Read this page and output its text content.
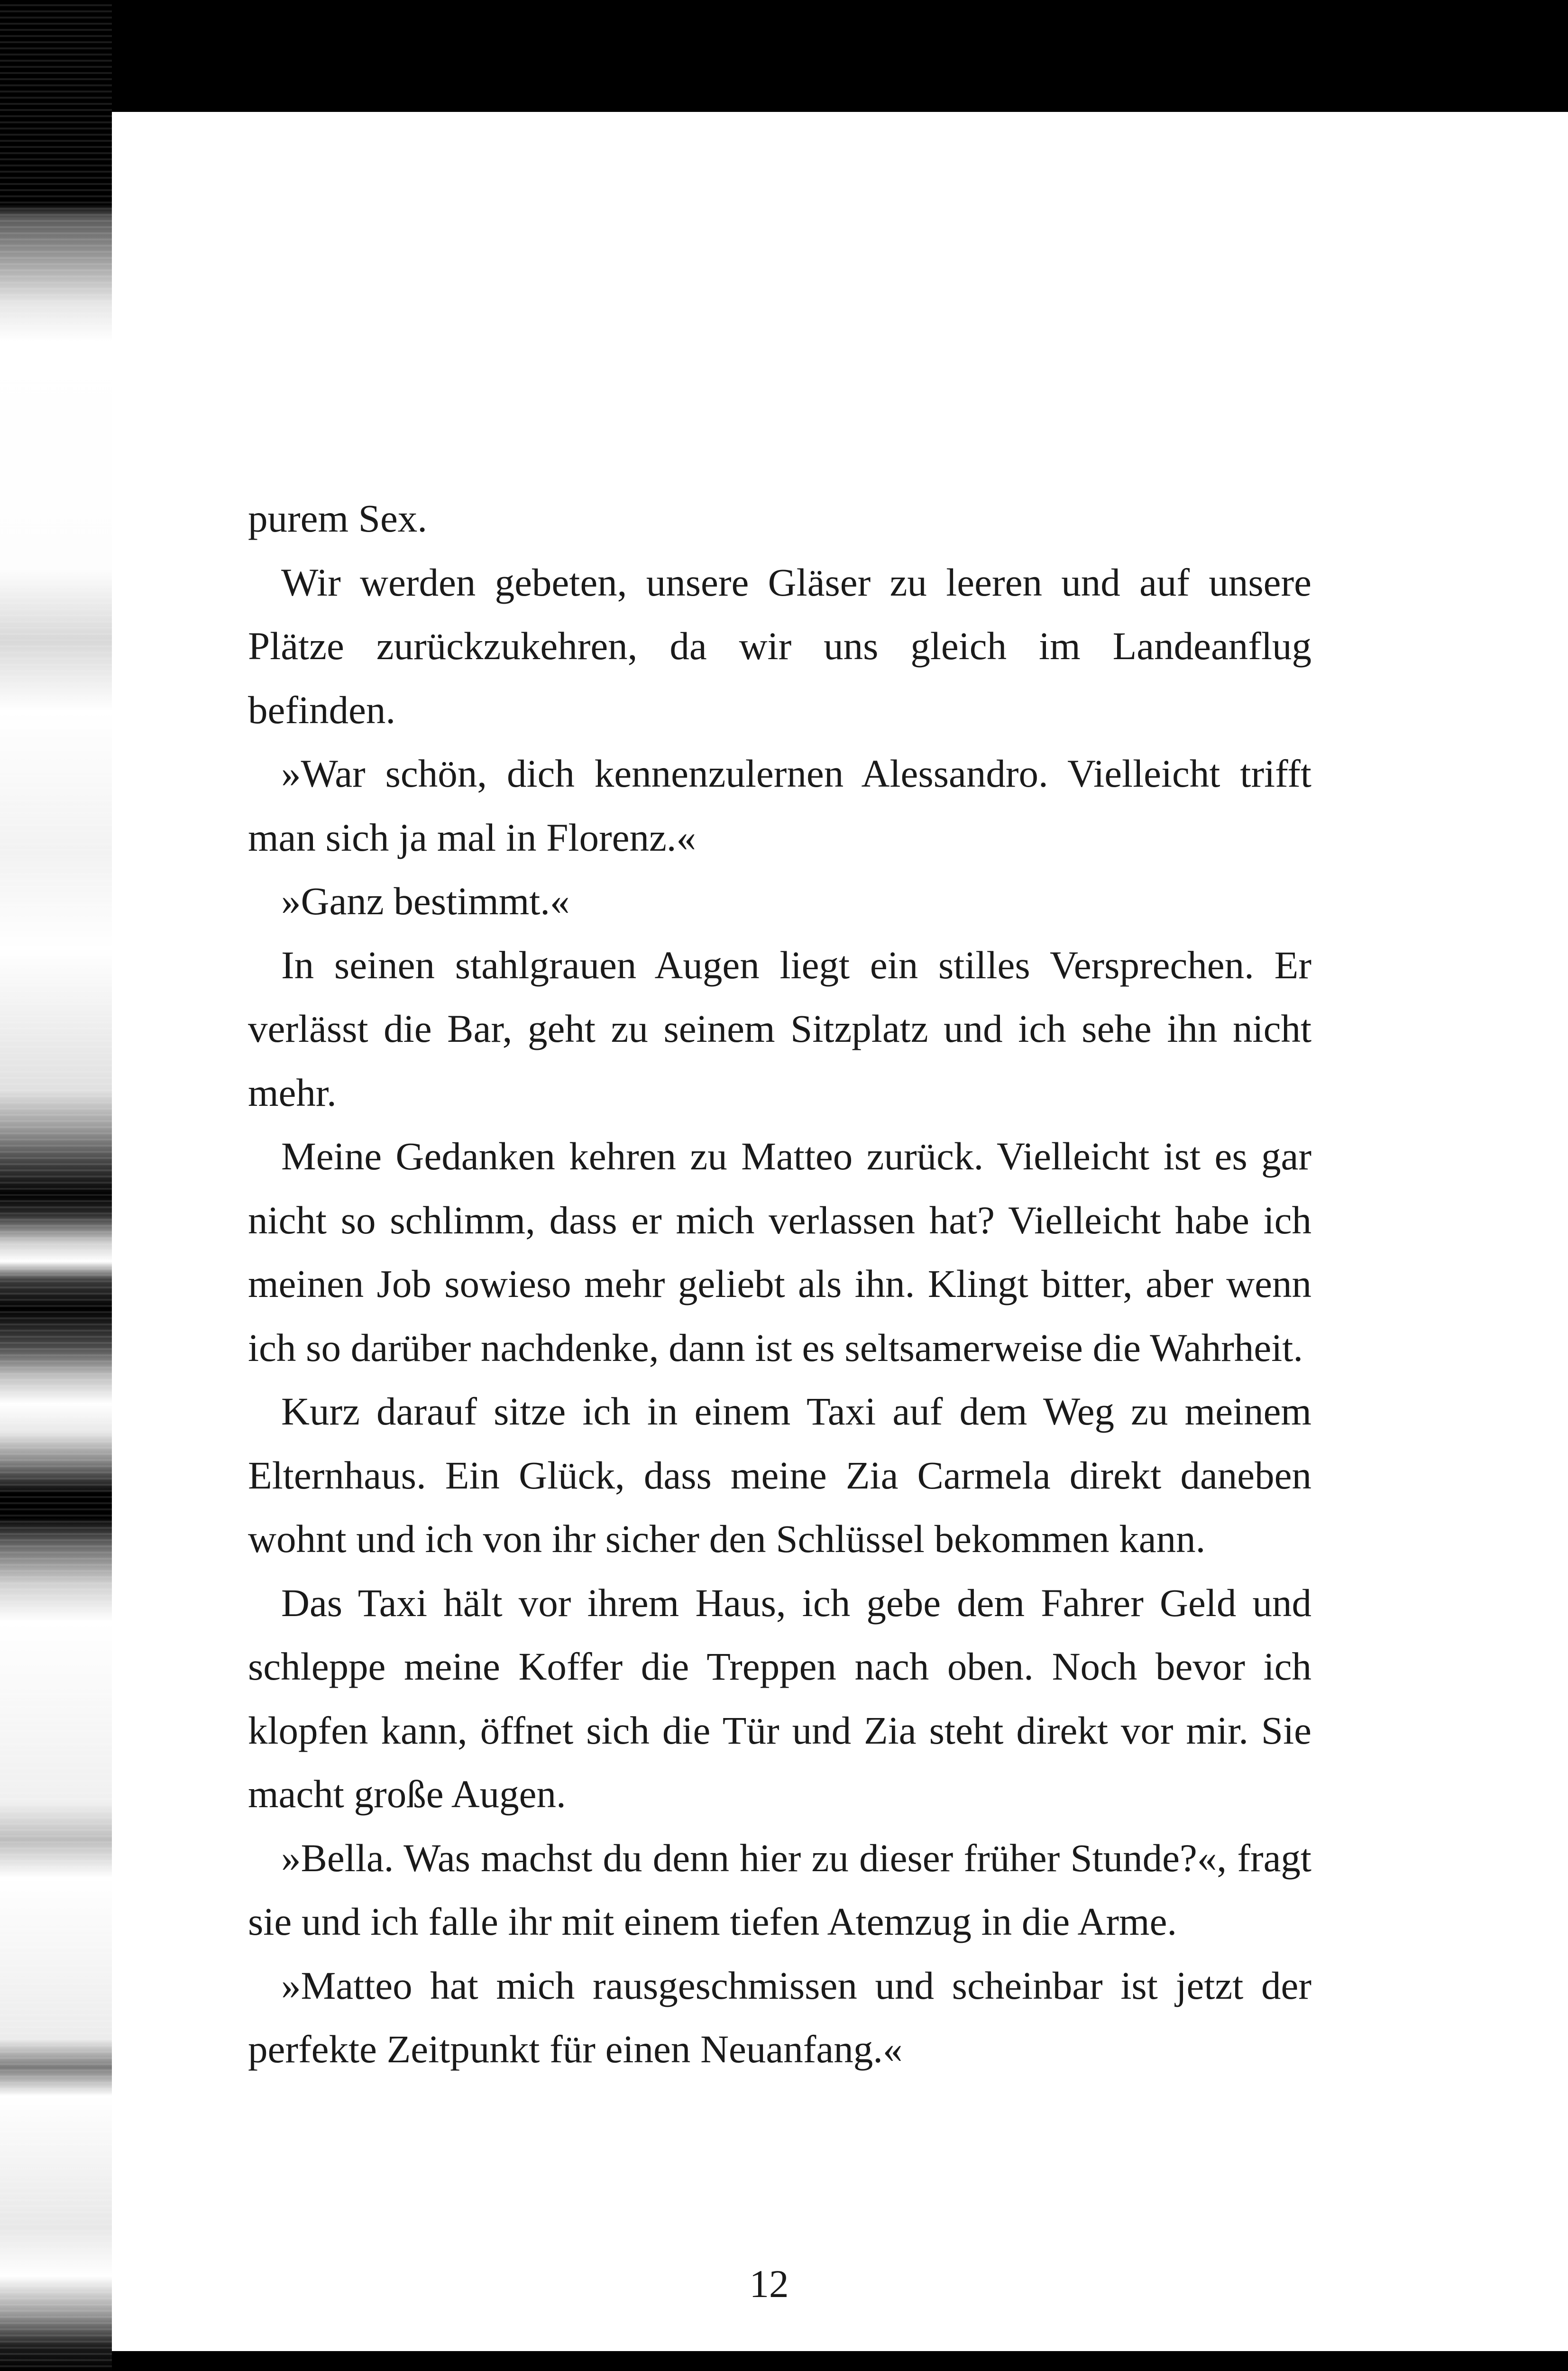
purem Sex.

Wir werden gebeten, unsere Gläser zu leeren und auf unsere Plätze zurückzukehren, da wir uns gleich im Landeanflug befinden.

»War schön, dich kennenzulernen Alessandro. Vielleicht trifft man sich ja mal in Florenz.«

»Ganz bestimmt.«

In seinen stahlgrauen Augen liegt ein stilles Versprechen. Er verlässt die Bar, geht zu seinem Sitzplatz und ich sehe ihn nicht mehr.

Meine Gedanken kehren zu Matteo zurück. Vielleicht ist es gar nicht so schlimm, dass er mich verlassen hat? Vielleicht habe ich meinen Job sowieso mehr geliebt als ihn. Klingt bitter, aber wenn ich so darüber nachdenke, dann ist es seltsamerweise die Wahrheit.

Kurz darauf sitze ich in einem Taxi auf dem Weg zu meinem Elternhaus. Ein Glück, dass meine Zia Carmela direkt daneben wohnt und ich von ihr sicher den Schlüssel bekommen kann.

Das Taxi hält vor ihrem Haus, ich gebe dem Fahrer Geld und schleppe meine Koffer die Treppen nach oben. Noch bevor ich klopfen kann, öffnet sich die Tür und Zia steht direkt vor mir. Sie macht große Augen.

»Bella. Was machst du denn hier zu dieser früher Stunde?«, fragt sie und ich falle ihr mit einem tiefen Atemzug in die Arme.

»Matteo hat mich rausgeschmissen und scheinbar ist jetzt der perfekte Zeitpunkt für einen Neuanfang.«

12
